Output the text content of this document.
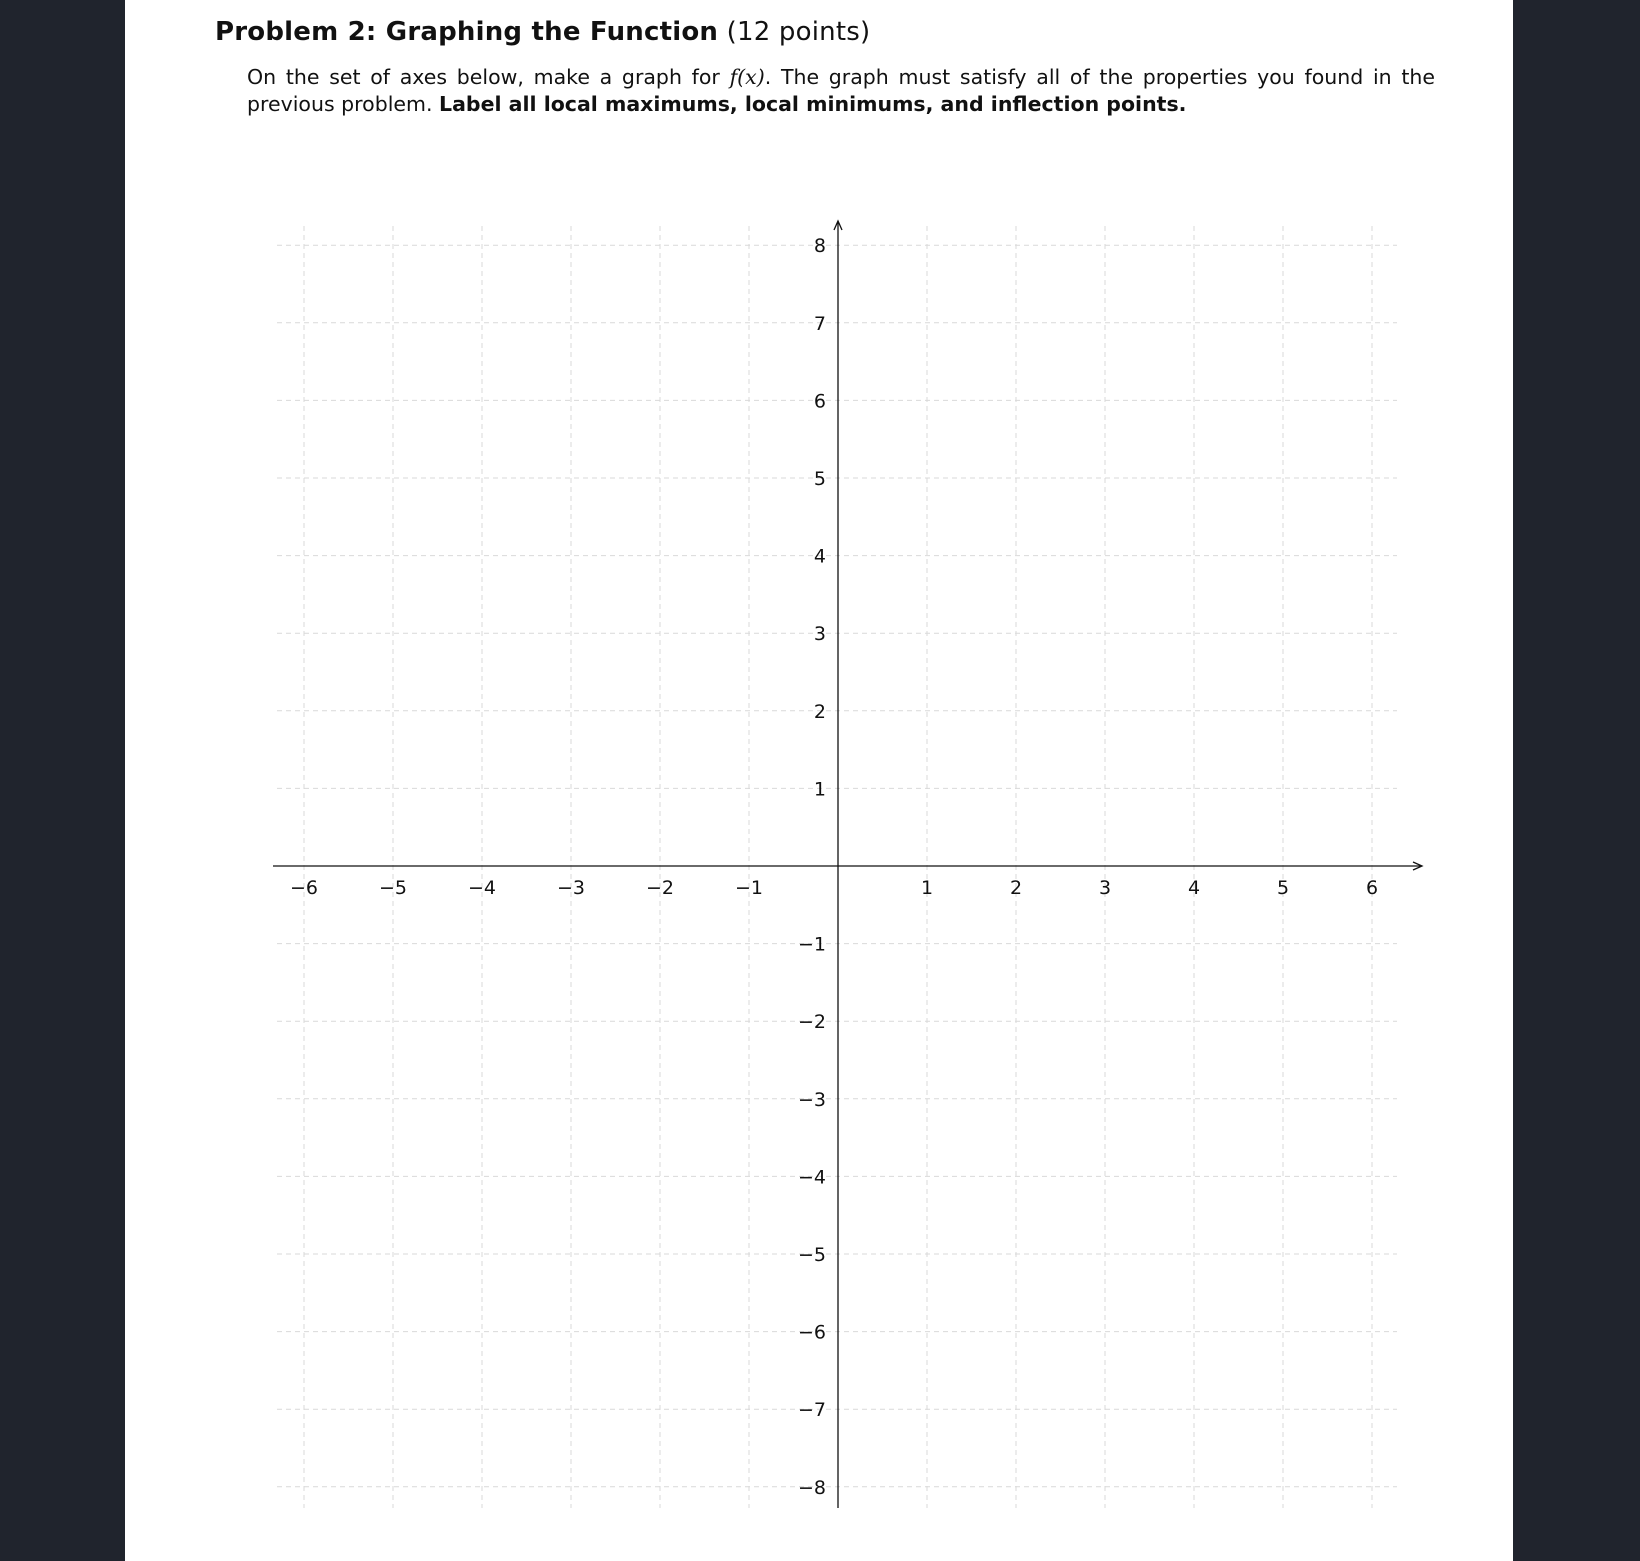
Problem 2: Graphing the Function (12 points)
On the set of axes below, make a graph for f(x). The graph must satisfy all of the properties you found in the previous problem. Label all local maximums, local minimums, and inflection points.
−6	−5	−4	−3	−2	−1	1	2	3	4	5	6
8
7
6
5
4
3
2
1
−1
−2
−3
−4
−5
−6
−7
−8
